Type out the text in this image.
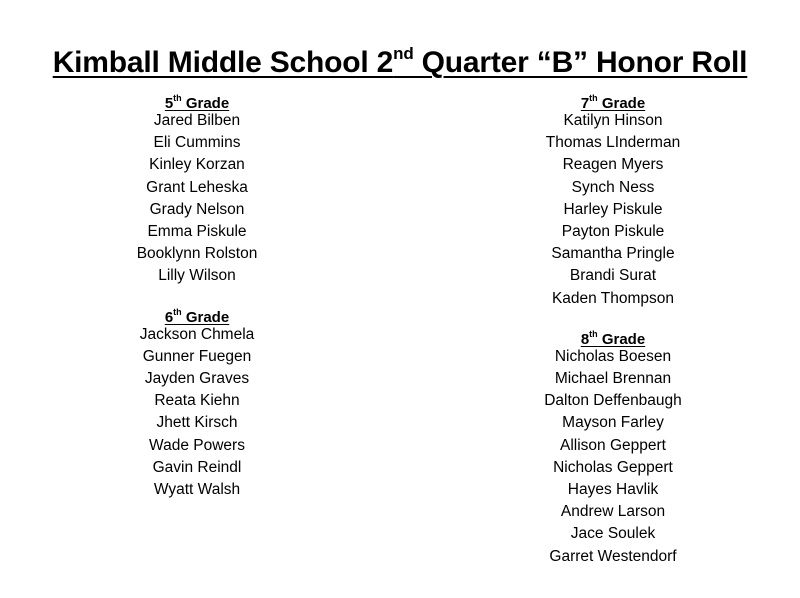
Kimball Middle School 2nd Quarter “B” Honor Roll
5th Grade
Jared Bilben
Eli Cummins
Kinley Korzan
Grant Leheska
Grady Nelson
Emma Piskule
Booklynn Rolston
Lilly Wilson
6th Grade
Jackson Chmela
Gunner Fuegen
Jayden Graves
Reata Kiehn
Jhett Kirsch
Wade Powers
Gavin Reindl
Wyatt Walsh
7th Grade
Katilyn Hinson
Thomas LInderman
Reagen Myers
Synch Ness
Harley Piskule
Payton Piskule
Samantha Pringle
Brandi Surat
Kaden Thompson
8th Grade
Nicholas Boesen
Michael Brennan
Dalton Deffenbaugh
Mayson Farley
Allison Geppert
Nicholas Geppert
Hayes Havlik
Andrew Larson
Jace Soulek
Garret Westendorf
